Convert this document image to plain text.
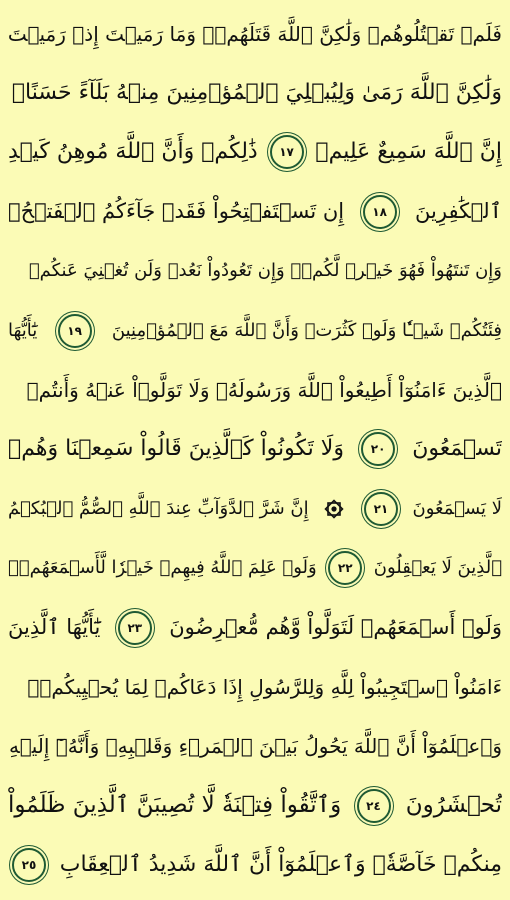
فَلَمۡ تَقۡتُلُوهُمۡ وَلَٰكِنَّ ٱللَّهَ قَتَلَهُمۡۚ وَمَا رَمَيۡتَ إِذۡ رَمَيۡتَ
وَلَٰكِنَّ ٱللَّهَ رَمَىٰ وَلِيُبۡلِيَ ٱلۡمُؤۡمِنِينَ مِنۡهُ بَلَآءً حَسَنًاۚ
إِنَّ ٱللَّهَ سَمِيعٌ عَلِيمٞ
١٧
ذَٰلِكُمۡ وَأَنَّ ٱللَّهَ مُوهِنُ كَيۡدِ
ٱلۡكَٰفِرِينَ
١٨
إِن تَسۡتَفۡتِحُواْ فَقَدۡ جَآءَكُمُ ٱلۡفَتۡحُۖ
وَإِن تَنتَهُواْ فَهُوَ خَيۡرٞ لَّكُمۡۖ وَإِن تَعُودُواْ نَعُدۡ وَلَن تُغۡنِيَ عَنكُمۡ
فِئَتُكُمۡ شَيۡـٔٗا وَلَوۡ كَثُرَتۡ وَأَنَّ ٱللَّهَ مَعَ ٱلۡمُؤۡمِنِينَ
١٩
يَٰٓأَيُّهَا
ٱلَّذِينَ ءَامَنُوٓاْ أَطِيعُواْ ٱللَّهَ وَرَسُولَهُۥ وَلَا تَوَلَّوۡاْ عَنۡهُ وَأَنتُمۡ
تَسۡمَعُونَ
٢٠
وَلَا تَكُونُواْ كَٱلَّذِينَ قَالُواْ سَمِعۡنَا وَهُمۡ
لَا يَسۡمَعُونَ
٢١
إِنَّ شَرَّ ٱلدَّوَآبِّ عِندَ ٱللَّهِ ٱلصُّمُّ ٱلۡبُكۡمُ
ٱلَّذِينَ لَا يَعۡقِلُونَ
٢٢
وَلَوۡ عَلِمَ ٱللَّهُ فِيهِمۡ خَيۡرٗا لَّأَسۡمَعَهُمۡۖ
وَلَوۡ أَسۡمَعَهُمۡ لَتَوَلَّواْ وَّهُم مُّعۡرِضُونَ
٢٣
يَٰٓأَيُّهَا ٱلَّذِينَ
ءَامَنُواْ ٱسۡتَجِيبُواْ لِلَّهِ وَلِلرَّسُولِ إِذَا دَعَاكُمۡ لِمَا يُحۡيِيكُمۡۖ
وَٱعۡلَمُوٓاْ أَنَّ ٱللَّهَ يَحُولُ بَيۡنَ ٱلۡمَرۡءِ وَقَلۡبِهِۦ وَأَنَّهُۥٓ إِلَيۡهِ
تُحۡشَرُونَ
٢٤
وَٱتَّقُواْ فِتۡنَةٗ لَّا تُصِيبَنَّ ٱلَّذِينَ ظَلَمُواْ
مِنكُمۡ خَآصَّةٗۖ وَٱعۡلَمُوٓاْ أَنَّ ٱللَّهَ شَدِيدُ ٱلۡعِقَابِ
٢٥
